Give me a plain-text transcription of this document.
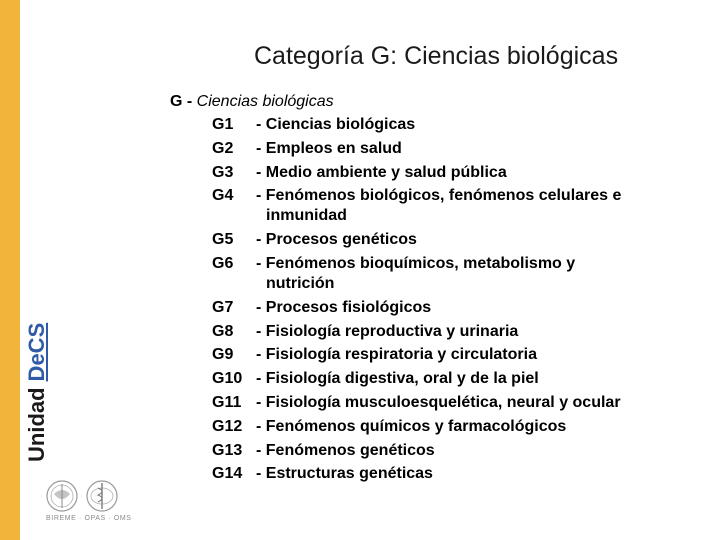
UnidadDeCS
Categoría G: Ciencias biológicas
G - Ciencias biológicas
G1	- Ciencias biológicas
G2	- Empleos en salud
G3	- Medio ambiente y salud pública
G4	- Fenómenos biológicos, fenómenos celulares e
inmunidad
G5	- Procesos genéticos
G6	- Fenómenos bioquímicos, metabolismo y
nutrición
G7	- Procesos fisiológicos
G8	- Fisiología reproductiva y urinaria
G9	- Fisiología respiratoria y circulatoria
G10 - Fisiología digestiva, oral y de la piel
G11 - Fisiología musculoesquelética, neural y ocular
G12 - Fenómenos químicos y farmacológicos
G13 - Fenómenos genéticos
G14 - Estructuras genéticas
BIREME · OPAS · OMS
